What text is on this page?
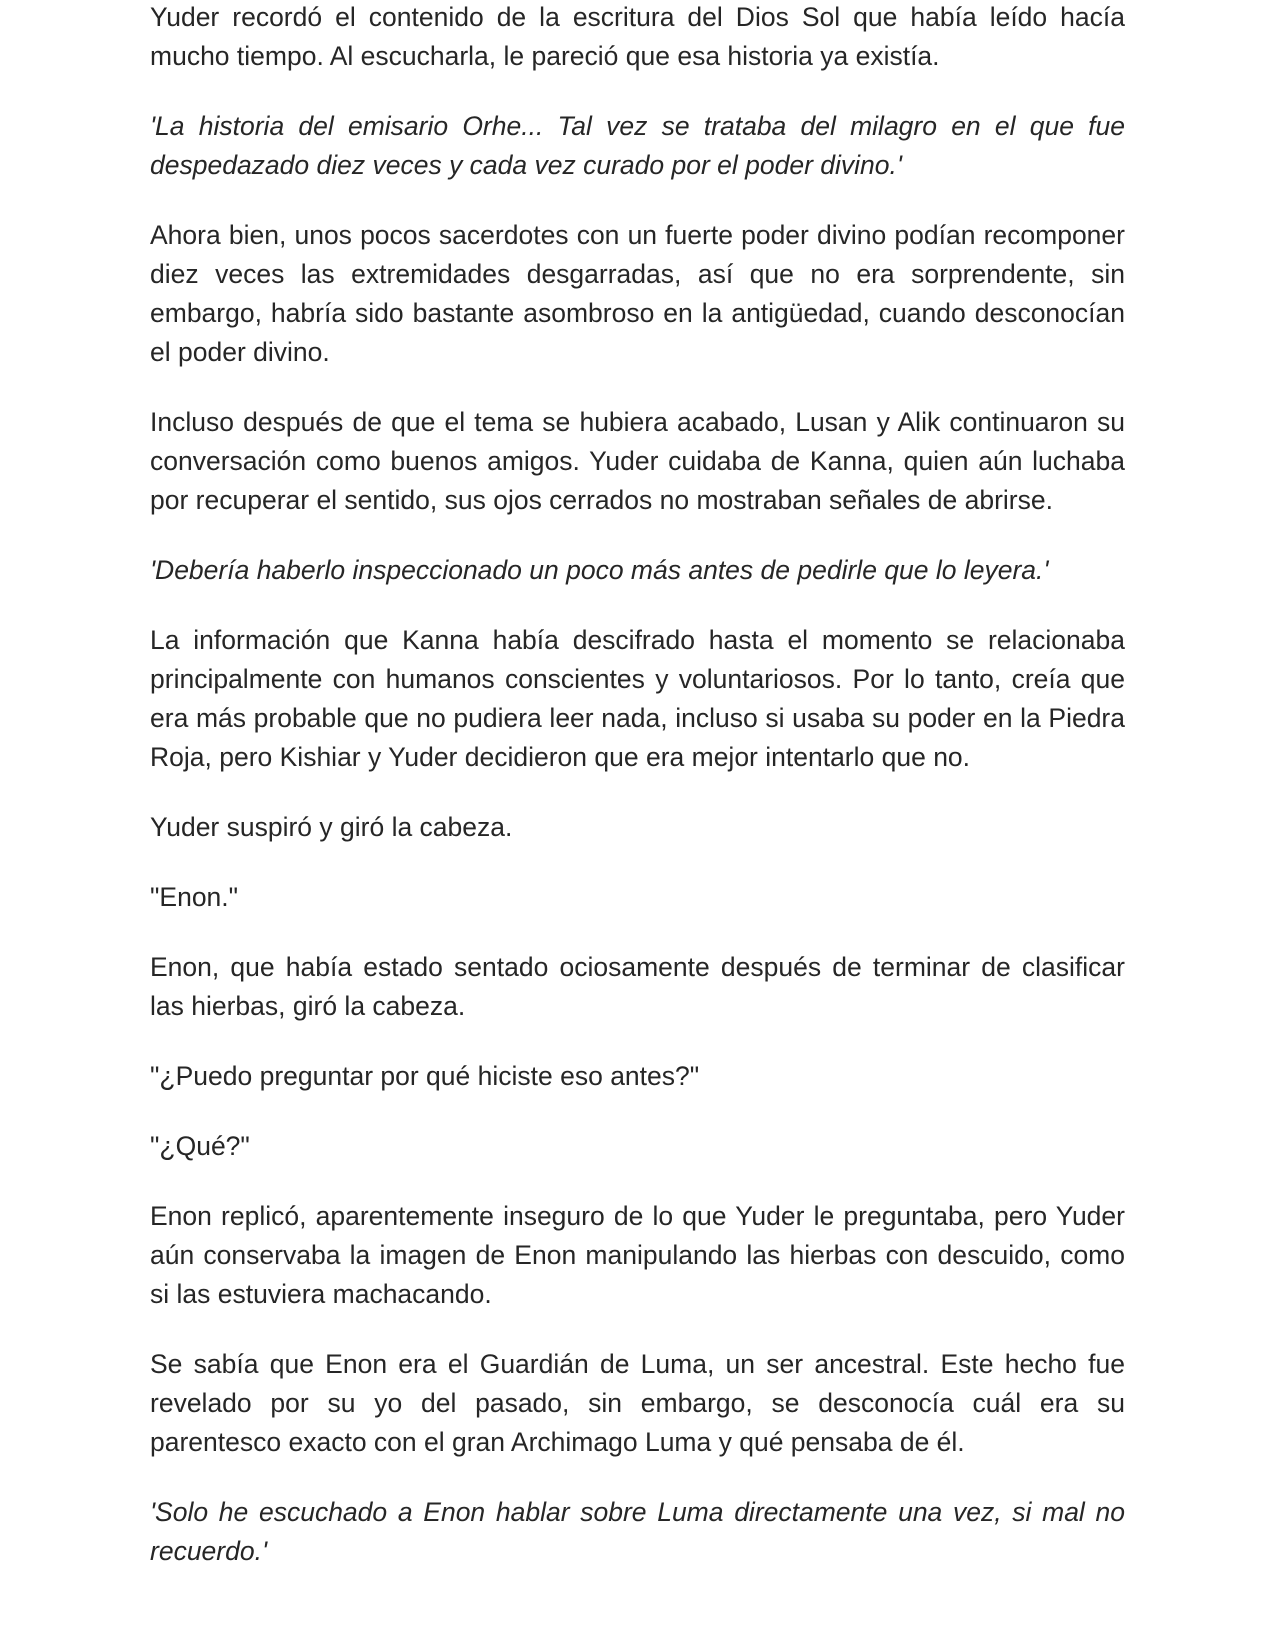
Yuder recordó el contenido de la escritura del Dios Sol que había leído hacía mucho tiempo. Al escucharla, le pareció que esa historia ya existía.

'La historia del emisario Orhe... Tal vez se trataba del milagro en el que fue despedazado diez veces y cada vez curado por el poder divino.'

Ahora bien, unos pocos sacerdotes con un fuerte poder divino podían recomponer diez veces las extremidades desgarradas, así que no era sorprendente, sin embargo, habría sido bastante asombroso en la antigüedad, cuando desconocían el poder divino.

Incluso después de que el tema se hubiera acabado, Lusan y Alik continuaron su conversación como buenos amigos. Yuder cuidaba de Kanna, quien aún luchaba por recuperar el sentido, sus ojos cerrados no mostraban señales de abrirse.

'Debería haberlo inspeccionado un poco más antes de pedirle que lo leyera.'

La información que Kanna había descifrado hasta el momento se relacionaba principalmente con humanos conscientes y voluntariosos. Por lo tanto, creía que era más probable que no pudiera leer nada, incluso si usaba su poder en la Piedra Roja, pero Kishiar y Yuder decidieron que era mejor intentarlo que no.

Yuder suspiró y giró la cabeza.

"Enon."

Enon, que había estado sentado ociosamente después de terminar de clasificar las hierbas, giró la cabeza.

"¿Puedo preguntar por qué hiciste eso antes?"

"¿Qué?"

Enon replicó, aparentemente inseguro de lo que Yuder le preguntaba, pero Yuder aún conservaba la imagen de Enon manipulando las hierbas con descuido, como si las estuviera machacando.

Se sabía que Enon era el Guardián de Luma, un ser ancestral. Este hecho fue revelado por su yo del pasado, sin embargo, se desconocía cuál era su parentesco exacto con el gran Archimago Luma y qué pensaba de él.

'Solo he escuchado a Enon hablar sobre Luma directamente una vez, si mal no recuerdo.'
